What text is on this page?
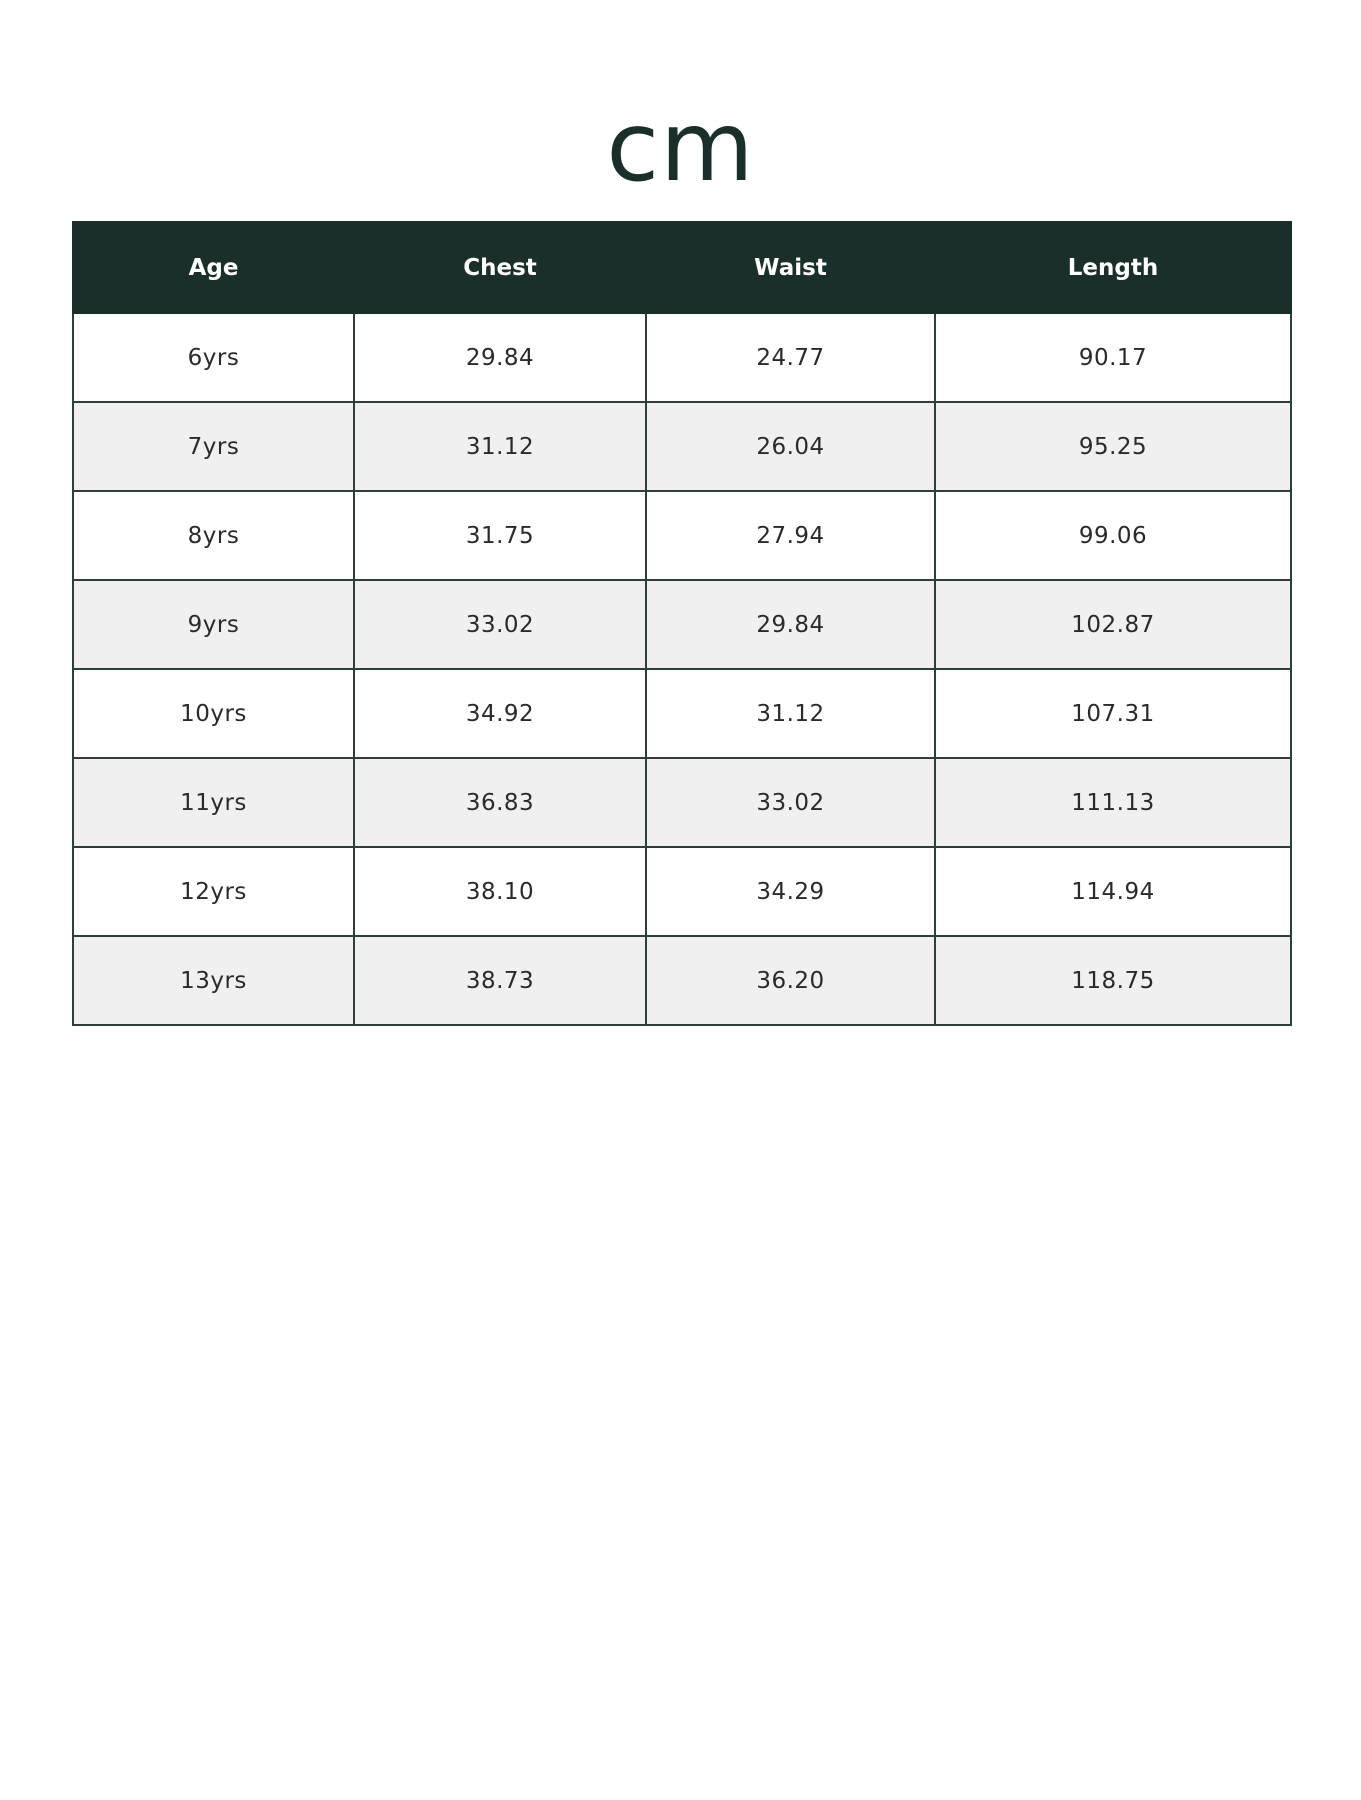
cm
Age	Chest	Waist	Length
6yrs	29.84	24.77	90.17
7yrs	31.12	26.04	95.25
8yrs	31.75	27.94	99.06
9yrs	33.02	29.84	102.87
10yrs	34.92	31.12	107.31
11yrs	36.83	33.02	111.13
12yrs	38.10	34.29	114.94
13yrs	38.73	36.20	118.75
